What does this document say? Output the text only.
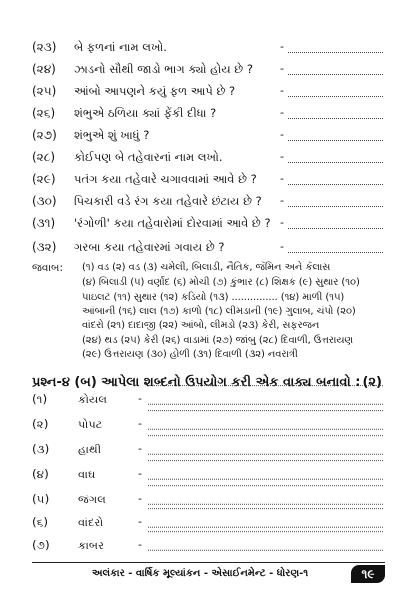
(૨૩) બે ફળનાં નામ લખો.	-
(૨૪) ઝાડનો સૌથી જાડો ભાગ ક્યો હોય છે ? -
(૨૫) આંબો આપણને કયું ફળ આપે છે ?	-
(૨૬) શંભુએ ઠળિયા ક્યાં ફેંકી દીધા ?	-
(૨૭) શંભુએ શું ખાધું ?	-
(૨૮) કોઈપણ બે તહેવારનાં નામ લખો.	-
(૨૯) પતંગ કયા તહેવારે ચગાવવામાં આવે છે ? -
(૩૦) પિચકારી વડે રંગ કયા તહેવારે છંટાય છે ? -
(૩૧) 'રંગોળી' કયા તહેવારોમાં દોરવામાં આવે છે ? -
(૩૨) ગરબા કયા તહેવારમાં ગવાય છે ?	-
જવાબ: (૧) વડ (૨) વડ (૩) ચમેલી, બિલાડી, નૈતિક, જૅમિન અને કૅલાસ
(૪) બિલાડી (૫) વર્ણાંદ (૬) મોચી (૭) કુંભાર (૮) શિક્ષક (૯) સુથાર (૧૦)
પાઇલટ (૧૧) સુથાર (૧૨) કડિયો (૧૩) ............... (૧૪) માળી (૧૫)
આંબાની (૧૬) લાલ (૧૭) કાળો (૧૮) લીમડાની (૧૯) ગુલાબ, ચંપો (૨૦)
વાંદરો (૨૧) દાદાજી (૨૨) આંબો, લીમડો (૨૩) કેરી, સફરજન
(૨૪) થડ (૨૫) કેરી (૨૬) વાડામાં (૨૭) જાંબુ (૨૮) દિવાળી, ઉત્તરાયણ
(૨૯) ઉત્તરાયણ (૩૦) હોળી (૩૧) દિવાળી (૩૨) નવરાત્રી
પ્રશ્ન-૪ (બ) આપેલા શબ્દનો ઉપયોગ કરી એક વાક્ય બનાવો : (૨)
(૧)	કોયલ	-
(૨)	પોપટ	-
(૩) હાથી	-
(૪)	વાઘ	-
(૫)	જંગલ	-
(૬)	વાંદરો	-
(૭) કાબર	-
અલંકાર - વાર્ષિક મૂલ્યાંકન - એસાઈનમેન્ટ - ધોરણ-૧	૧૯
